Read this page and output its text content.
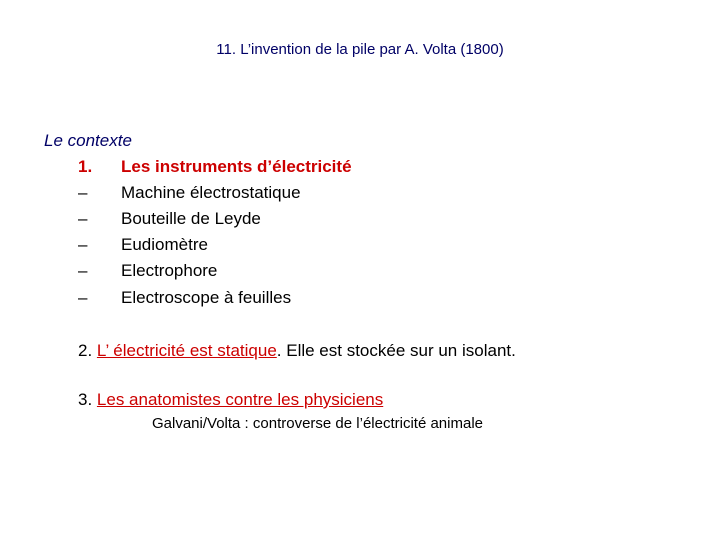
11. L’invention de la pile par A. Volta (1800)
Le contexte
1.	Les instruments d’électricité
–	Machine électrostatique
–	Bouteille de Leyde
–	Eudiomètre
–	Electrophore
–	Electroscope à feuilles
2. L’ électricité est statique. Elle est stockée sur un isolant.
3. Les anatomistes contre les physiciens
Galvani/Volta : controverse de l’électricité animale
